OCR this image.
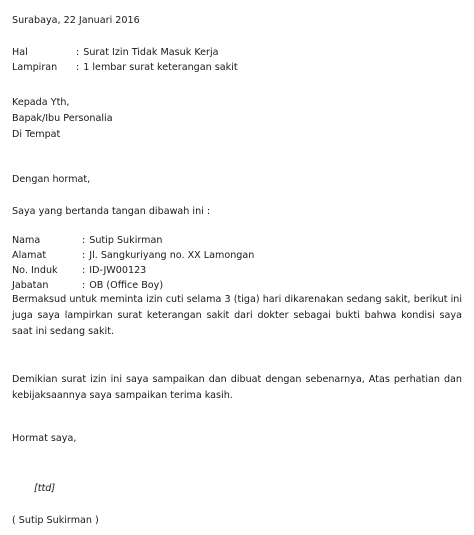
Surabaya, 22 Januari 2016
Hal	: Surat Izin Tidak Masuk Kerja
Lampiran	: 1 lembar surat keterangan sakit
Kepada Yth,
Bapak/Ibu Personalia
Di Tempat
Dengan hormat,
Saya yang bertanda tangan dibawah ini :
Nama	: Sutip Sukirman
Alamat	: Jl. Sangkuriyang no. XX Lamongan
No. Induk	: ID-JW00123
Jabatan	: OB (Office Boy)
Bermaksud untuk meminta izin cuti selama 3 (tiga) hari dikarenakan sedang sakit, berikut ini juga saya lampirkan surat keterangan sakit dari dokter sebagai bukti bahwa kondisi saya saat ini sedang sakit.
Demikian surat izin ini saya sampaikan dan dibuat dengan sebenarnya, Atas perhatian dan kebijaksaannya saya sampaikan terima kasih.
Hormat saya,
[ttd]
( Sutip Sukirman )
